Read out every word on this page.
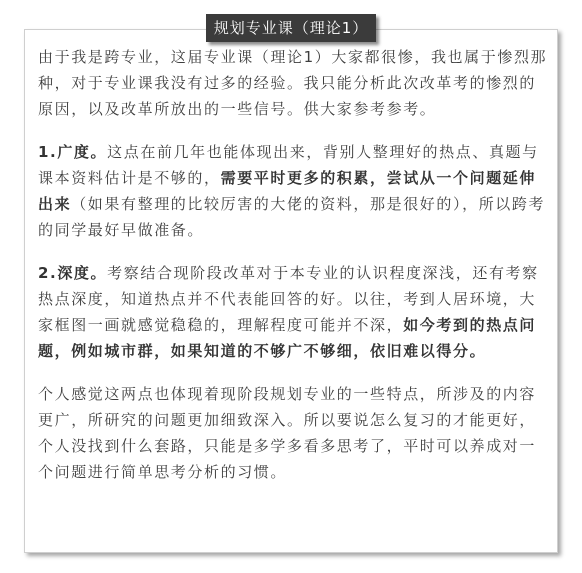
规划专业课（理论1）

由于我是跨专业，这届专业课（理论1）大家都很惨，我也属于惨烈那种，对于专业课我没有过多的经验。我只能分析此次改革考的惨烈的原因，以及改革所放出的一些信号。供大家参考参考。

1.广度。这点在前几年也能体现出来，背别人整理好的热点、真题与课本资料估计是不够的，需要平时更多的积累，尝试从一个问题延伸出来（如果有整理的比较厉害的大佬的资料，那是很好的），所以跨考的同学最好早做准备。

2.深度。考察结合现阶段改革对于本专业的认识程度深浅，还有考察热点深度，知道热点并不代表能回答的好。以往，考到人居环境，大家框图一画就感觉稳稳的，理解程度可能并不深，如今考到的热点问题，例如城市群，如果知道的不够广不够细，依旧难以得分。

个人感觉这两点也体现着现阶段规划专业的一些特点，所涉及的内容更广，所研究的问题更加细致深入。所以要说怎么复习的才能更好，个人没找到什么套路，只能是多学多看多思考了，平时可以养成对一个问题进行简单思考分析的习惯。
